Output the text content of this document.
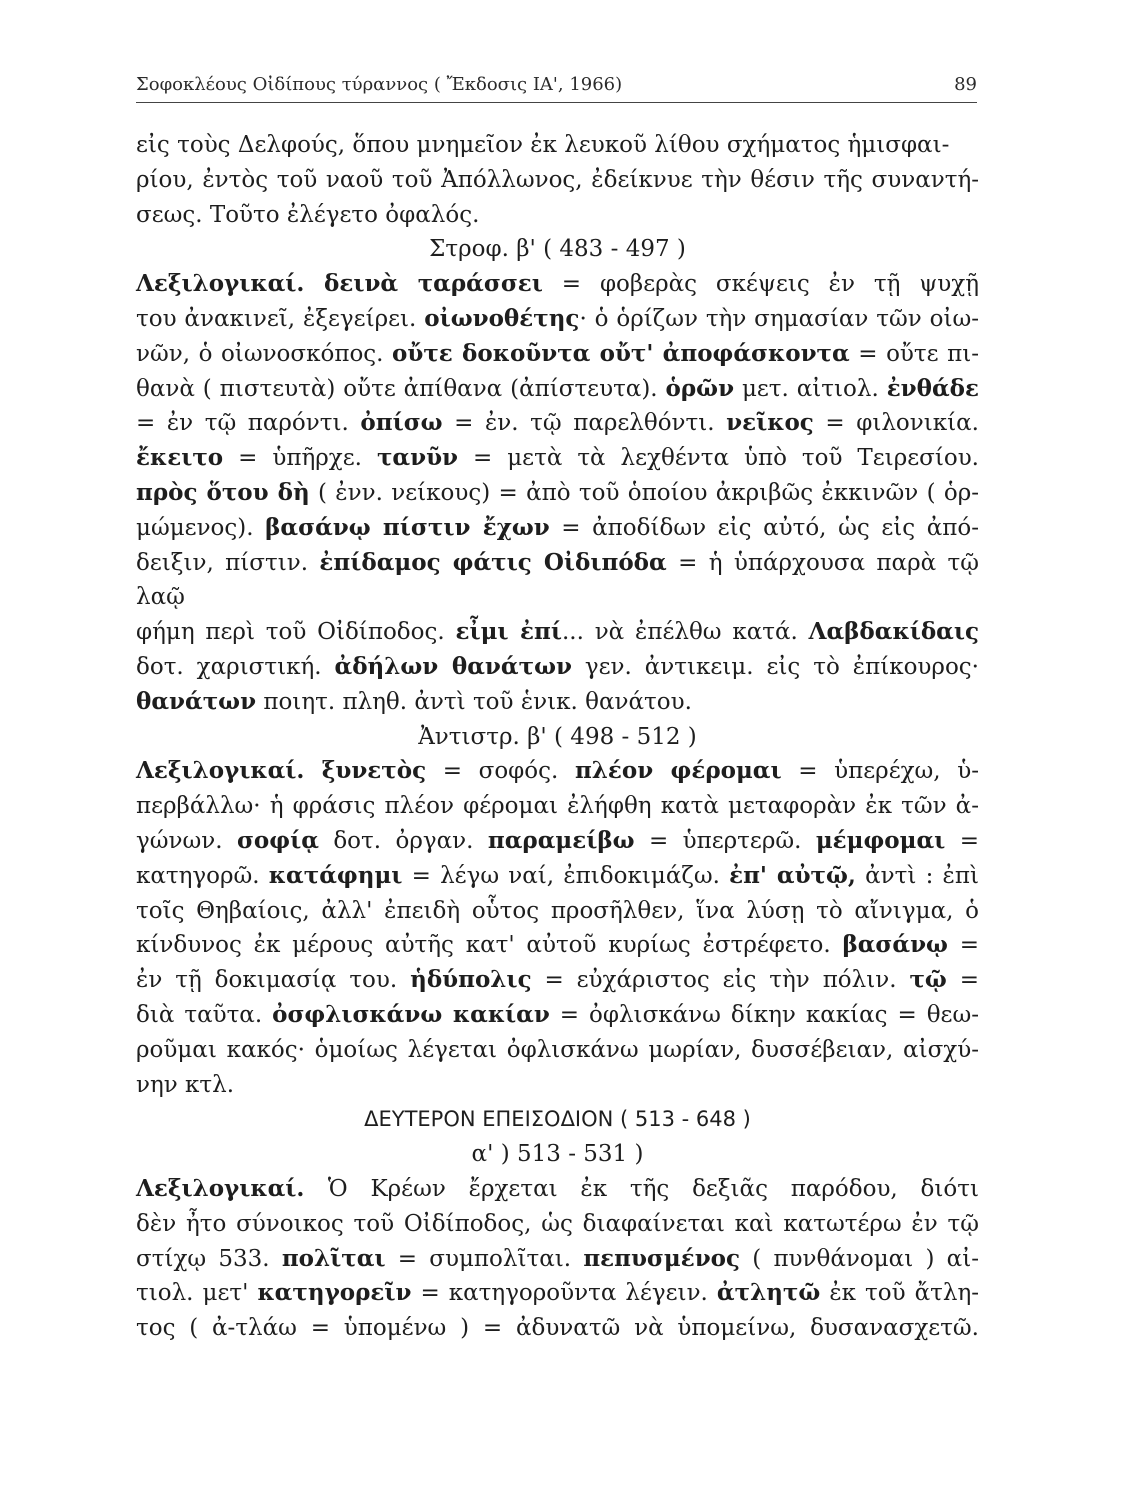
Σοφοκλέους Οἰδίπους τύραννος ( Ἔκδοσις ΙΑ', 1966)	89
εἰς τοὺς Δελφούς, ὅπου μνημεῖον ἐκ λευκοῦ λίθου σχήματος ἡμισφαι-
ρίου, ἐντὸς τοῦ ναοῦ τοῦ Ἀπόλλωνος, ἐδείκνυε τὴν θέσιν τῆς συναντή-
σεως. Τοῦτο ἐλέγετο ὀφαλός.
Στροφ. β' ( 483 - 497 )
Λεξιλογικαί. δεινὰ ταράσσει = φοβερὰς σκέψεις ἐν τῇ ψυχῇ
του ἀνακινεῖ, ἐξεγείρει. οἰωνοθέτης· ὁ ὁρίζων τὴν σημασίαν τῶν οἰω-
νῶν, ὁ οἰωνοσκόπος. οὔτε δοκοῦντα οὔτ' ἀποφάσκοντα = οὔτε πι-
θανὰ ( πιστευτὰ) οὔτε ἀπίθανα (ἀπίστευτα). ὁρῶν μετ. αἰτιολ. ἐνθάδε
= ἐν τῷ παρόντι. ὀπίσω = ἐν. τῷ παρελθόντι. νεῖκος = φιλονικία.
ἔκειτο = ὑπῆρχε. τανῦν = μετὰ τὰ λεχθέντα ὑπὸ τοῦ Τειρεσίου.
πρὸς ὅτου δὴ ( ἐνν. νείκους) = ἀπὸ τοῦ ὁποίου ἀκριβῶς ἐκκινῶν ( ὁρ-
μώμενος). βασάνῳ πίστιν ἔχων = ἀποδίδων εἰς αὐτό, ὡς εἰς ἀπό-
δειξιν, πίστιν. ἐπίδαμος φάτις Οἰδιπόδα = ἡ ὑπάρχουσα παρὰ τῷ λαῷ
φήμη περὶ τοῦ Οἰδίποδος. εἶμι ἐπί... νὰ ἐπέλθω κατά. Λαβδακίδαις
δοτ. χαριστική. ἀδήλων θανάτων γεν. ἀντικειμ. εἰς τὸ ἐπίκουρος·
θανάτων ποιητ. πληθ. ἀντὶ τοῦ ἑνικ. θανάτου.
Ἀντιστρ. β' ( 498 - 512 )
Λεξιλογικαί. ξυνετὸς = σοφός. πλέον φέρομαι = ὑπερέχω, ὑ-
περβάλλω· ἡ φράσις πλέον φέρομαι ἐλήφθη κατὰ μεταφορὰν ἐκ τῶν ἀ-
γώνων. σοφίᾳ δοτ. ὀργαν. παραμείβω = ὑπερτερῶ. μέμφομαι =
κατηγορῶ. κατάφημι = λέγω ναί, ἐπιδοκιμάζω. ἐπ' αὐτῷ, ἀντὶ : ἐπὶ
τοῖς Θηβαίοις, ἀλλ' ἐπειδὴ οὗτος προσῆλθεν, ἵνα λύσῃ τὸ αἴνιγμα, ὁ
κίνδυνος ἐκ μέρους αὐτῆς κατ' αὐτοῦ κυρίως ἐστρέφετο. βασάνῳ =
ἐν τῇ δοκιμασίᾳ του. ἡδύπολις = εὐχάριστος εἰς τὴν πόλιν. τῷ =
διὰ ταῦτα. ὀσφλισκάνω κακίαν = ὀφλισκάνω δίκην κακίας = θεω-
ροῦμαι κακός· ὁμοίως λέγεται ὀφλισκάνω μωρίαν, δυσσέβειαν, αἰσχύ-
νην κτλ.
ΔΕΥΤΕΡΟΝ ΕΠΕΙΣΟΔΙΟΝ ( 513 - 648 )
α' ) 513 - 531 )
Λεξιλογικαί. Ὁ Κρέων ἔρχεται ἐκ τῆς δεξιᾶς παρόδου, διότι
δὲν ἦτο σύνοικος τοῦ Οἰδίποδος, ὡς διαφαίνεται καὶ κατωτέρω ἐν τῷ
στίχῳ 533. πολῖται = συμπολῖται. πεπυσμένος ( πυνθάνομαι ) αἰ-
τιολ. μετ' κατηγορεῖν = κατηγοροῦντα λέγειν. ἀτλητῶ ἐκ τοῦ ἄτλη-
τος ( ἀ-τλάω = ὑπομένω ) = ἀδυνατῶ νὰ ὑπομείνω, δυσανασχετῶ.
